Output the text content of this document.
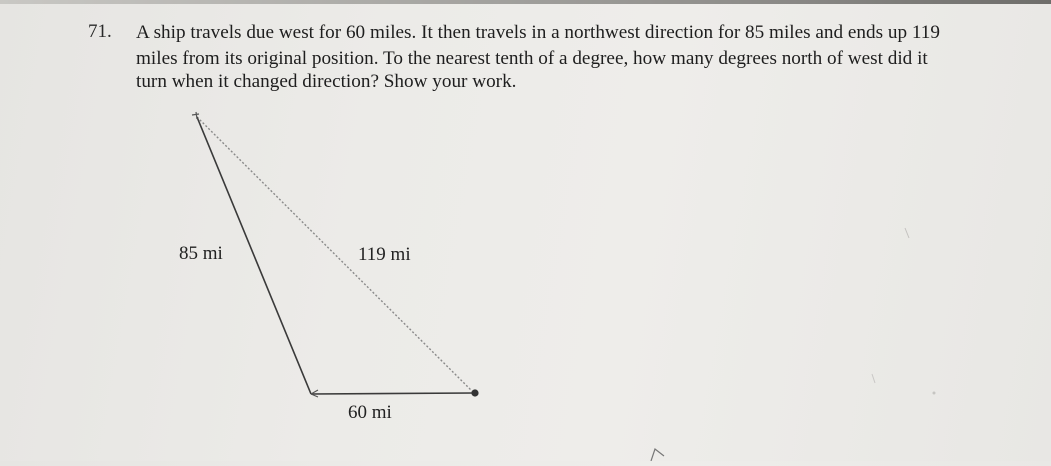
71. A ship travels due west for 60 miles. It then travels in a northwest direction for 85 miles and ends up 119
miles from its original position. To the nearest tenth of a degree, how many degrees north of west did it
turn when it changed direction? Show your work.
85 mi	119 mi
60 mi
